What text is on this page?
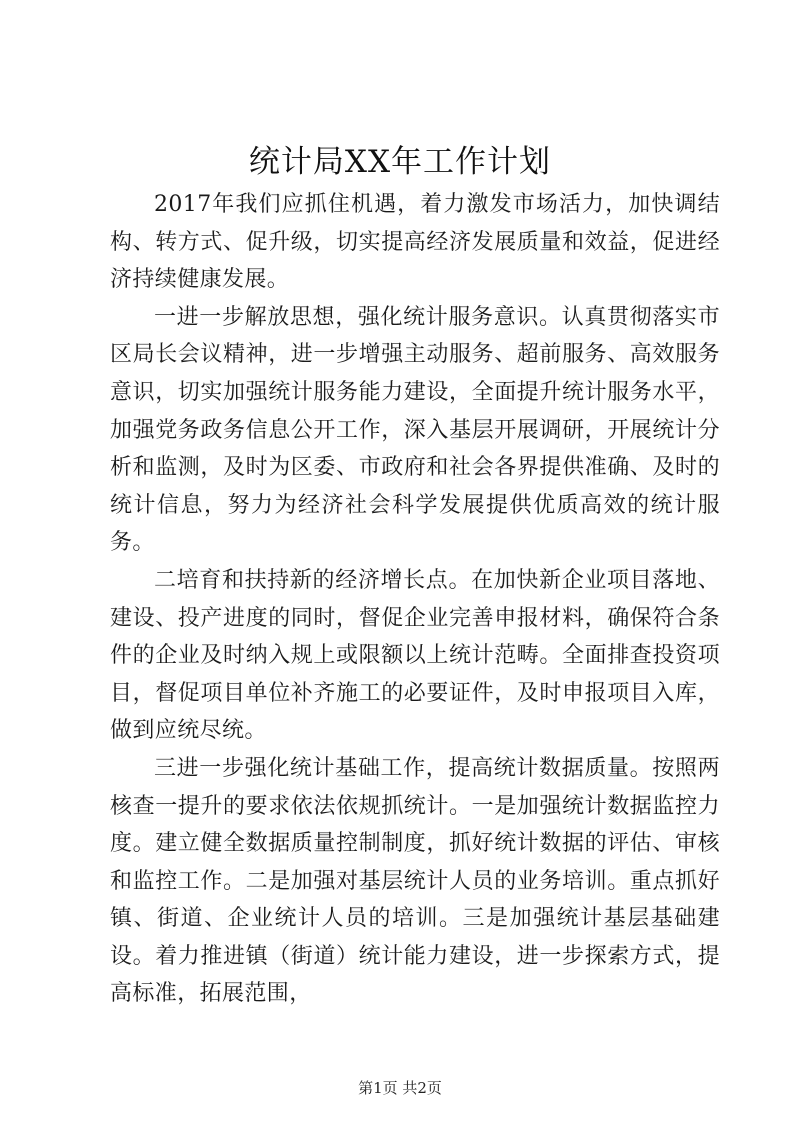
统计局XX年工作计划

2017年我们应抓住机遇，着力激发市场活力，加快调结构、转方式、促升级，切实提高经济发展质量和效益，促进经济持续健康发展。

一进一步解放思想，强化统计服务意识。认真贯彻落实市区局长会议精神，进一步增强主动服务、超前服务、高效服务意识，切实加强统计服务能力建设，全面提升统计服务水平，加强党务政务信息公开工作，深入基层开展调研，开展统计分析和监测，及时为区委、市政府和社会各界提供准确、及时的统计信息，努力为经济社会科学发展提供优质高效的统计服务。

二培育和扶持新的经济增长点。在加快新企业项目落地、建设、投产进度的同时，督促企业完善申报材料，确保符合条件的企业及时纳入规上或限额以上统计范畴。全面排查投资项目，督促项目单位补齐施工的必要证件，及时申报项目入库，做到应统尽统。

三进一步强化统计基础工作，提高统计数据质量。按照两核查一提升的要求依法依规抓统计。一是加强统计数据监控力度。建立健全数据质量控制制度，抓好统计数据的评估、审核和监控工作。二是加强对基层统计人员的业务培训。重点抓好镇、街道、企业统计人员的培训。三是加强统计基层基础建设。着力推进镇（街道）统计能力建设，进一步探索方式，提高标准，拓展范围，

第1页 共2页
